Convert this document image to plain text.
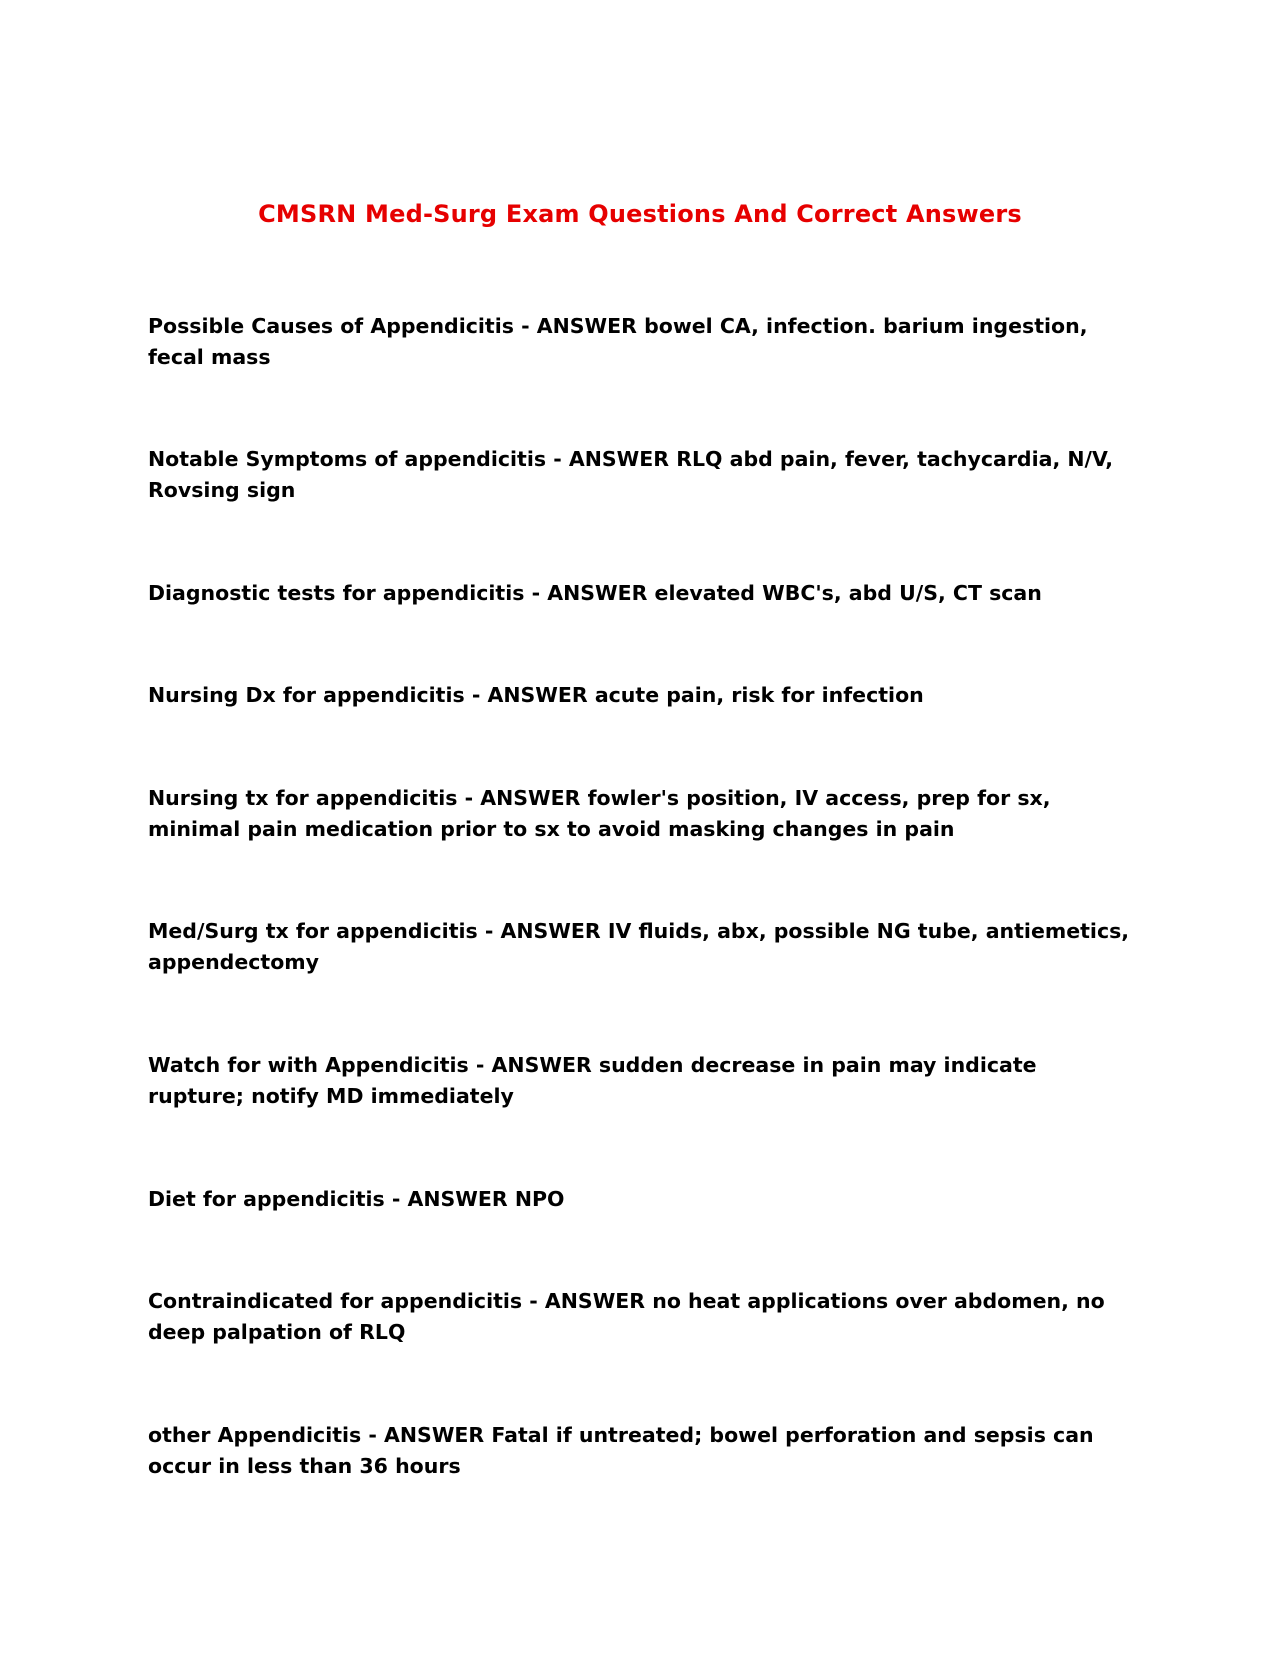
CMSRN Med-Surg Exam Questions And Correct Answers

Possible Causes of Appendicitis - ANSWER bowel CA, infection. barium ingestion, fecal mass

Notable Symptoms of appendicitis - ANSWER RLQ abd pain, fever, tachycardia, N/V, Rovsing sign

Diagnostic tests for appendicitis - ANSWER elevated WBC's, abd U/S, CT scan

Nursing Dx for appendicitis - ANSWER acute pain, risk for infection

Nursing tx for appendicitis - ANSWER fowler's position, IV access, prep for sx, minimal pain medication prior to sx to avoid masking changes in pain

Med/Surg tx for appendicitis - ANSWER IV fluids, abx, possible NG tube, antiemetics, appendectomy

Watch for with Appendicitis - ANSWER sudden decrease in pain may indicate rupture; notify MD immediately

Diet for appendicitis - ANSWER NPO

Contraindicated for appendicitis - ANSWER no heat applications over abdomen, no deep palpation of RLQ

other Appendicitis - ANSWER Fatal if untreated; bowel perforation and sepsis can occur in less than 36 hours
